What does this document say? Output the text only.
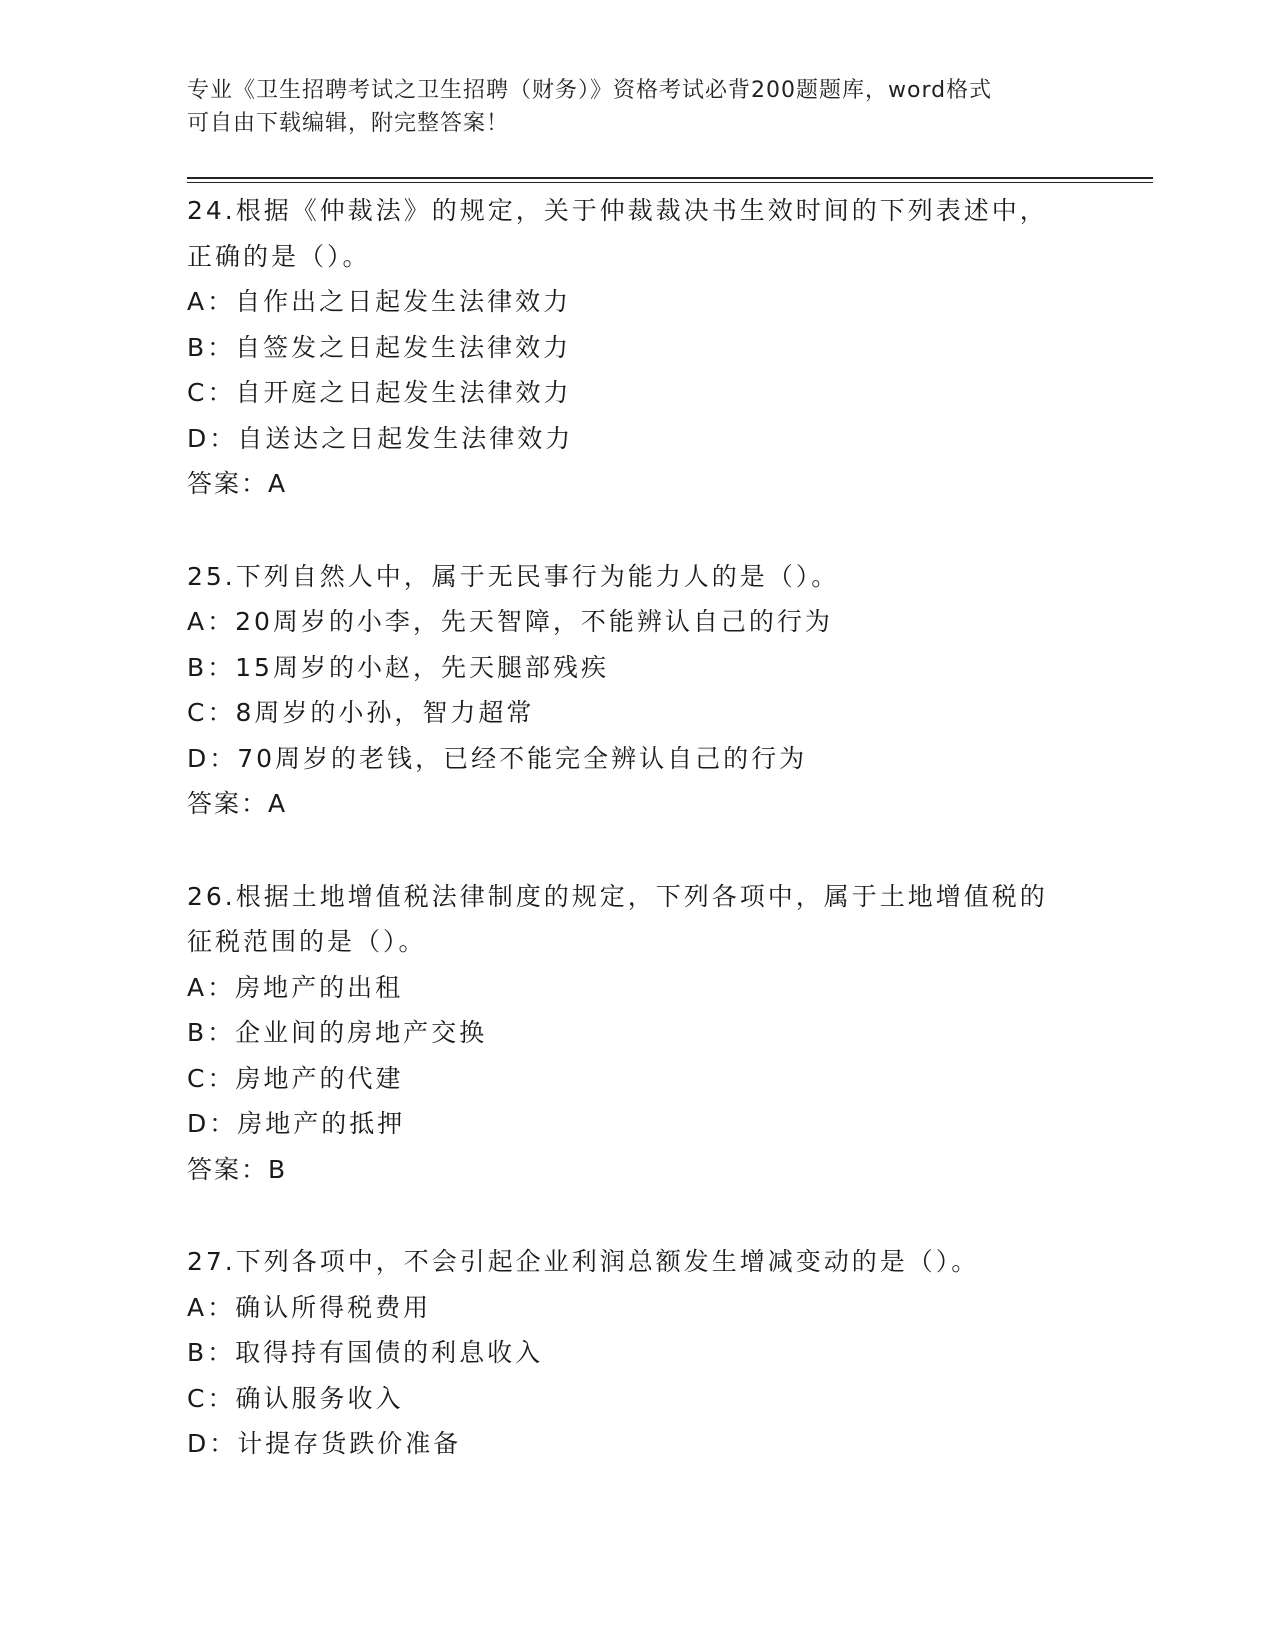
专业《卫生招聘考试之卫生招聘（财务）》资格考试必背200题题库，word格式
可自由下载编辑，附完整答案！
24.根据《仲裁法》的规定，关于仲裁裁决书生效时间的下列表述中，
正确的是（）。
A：自作出之日起发生法律效力
B：自签发之日起发生法律效力
C：自开庭之日起发生法律效力
D：自送达之日起发生法律效力
答案：A
25.下列自然人中，属于无民事行为能力人的是（）。
A：20周岁的小李，先天智障，不能辨认自己的行为
B：15周岁的小赵，先天腿部残疾
C：8周岁的小孙，智力超常
D：70周岁的老钱，已经不能完全辨认自己的行为
答案：A
26.根据土地增值税法律制度的规定，下列各项中，属于土地增值税的
征税范围的是（）。
A：房地产的出租
B：企业间的房地产交换
C：房地产的代建
D：房地产的抵押
答案：B
27.下列各项中，不会引起企业利润总额发生增减变动的是（）。
A：确认所得税费用
B：取得持有国债的利息收入
C：确认服务收入
D：计提存货跌价准备
